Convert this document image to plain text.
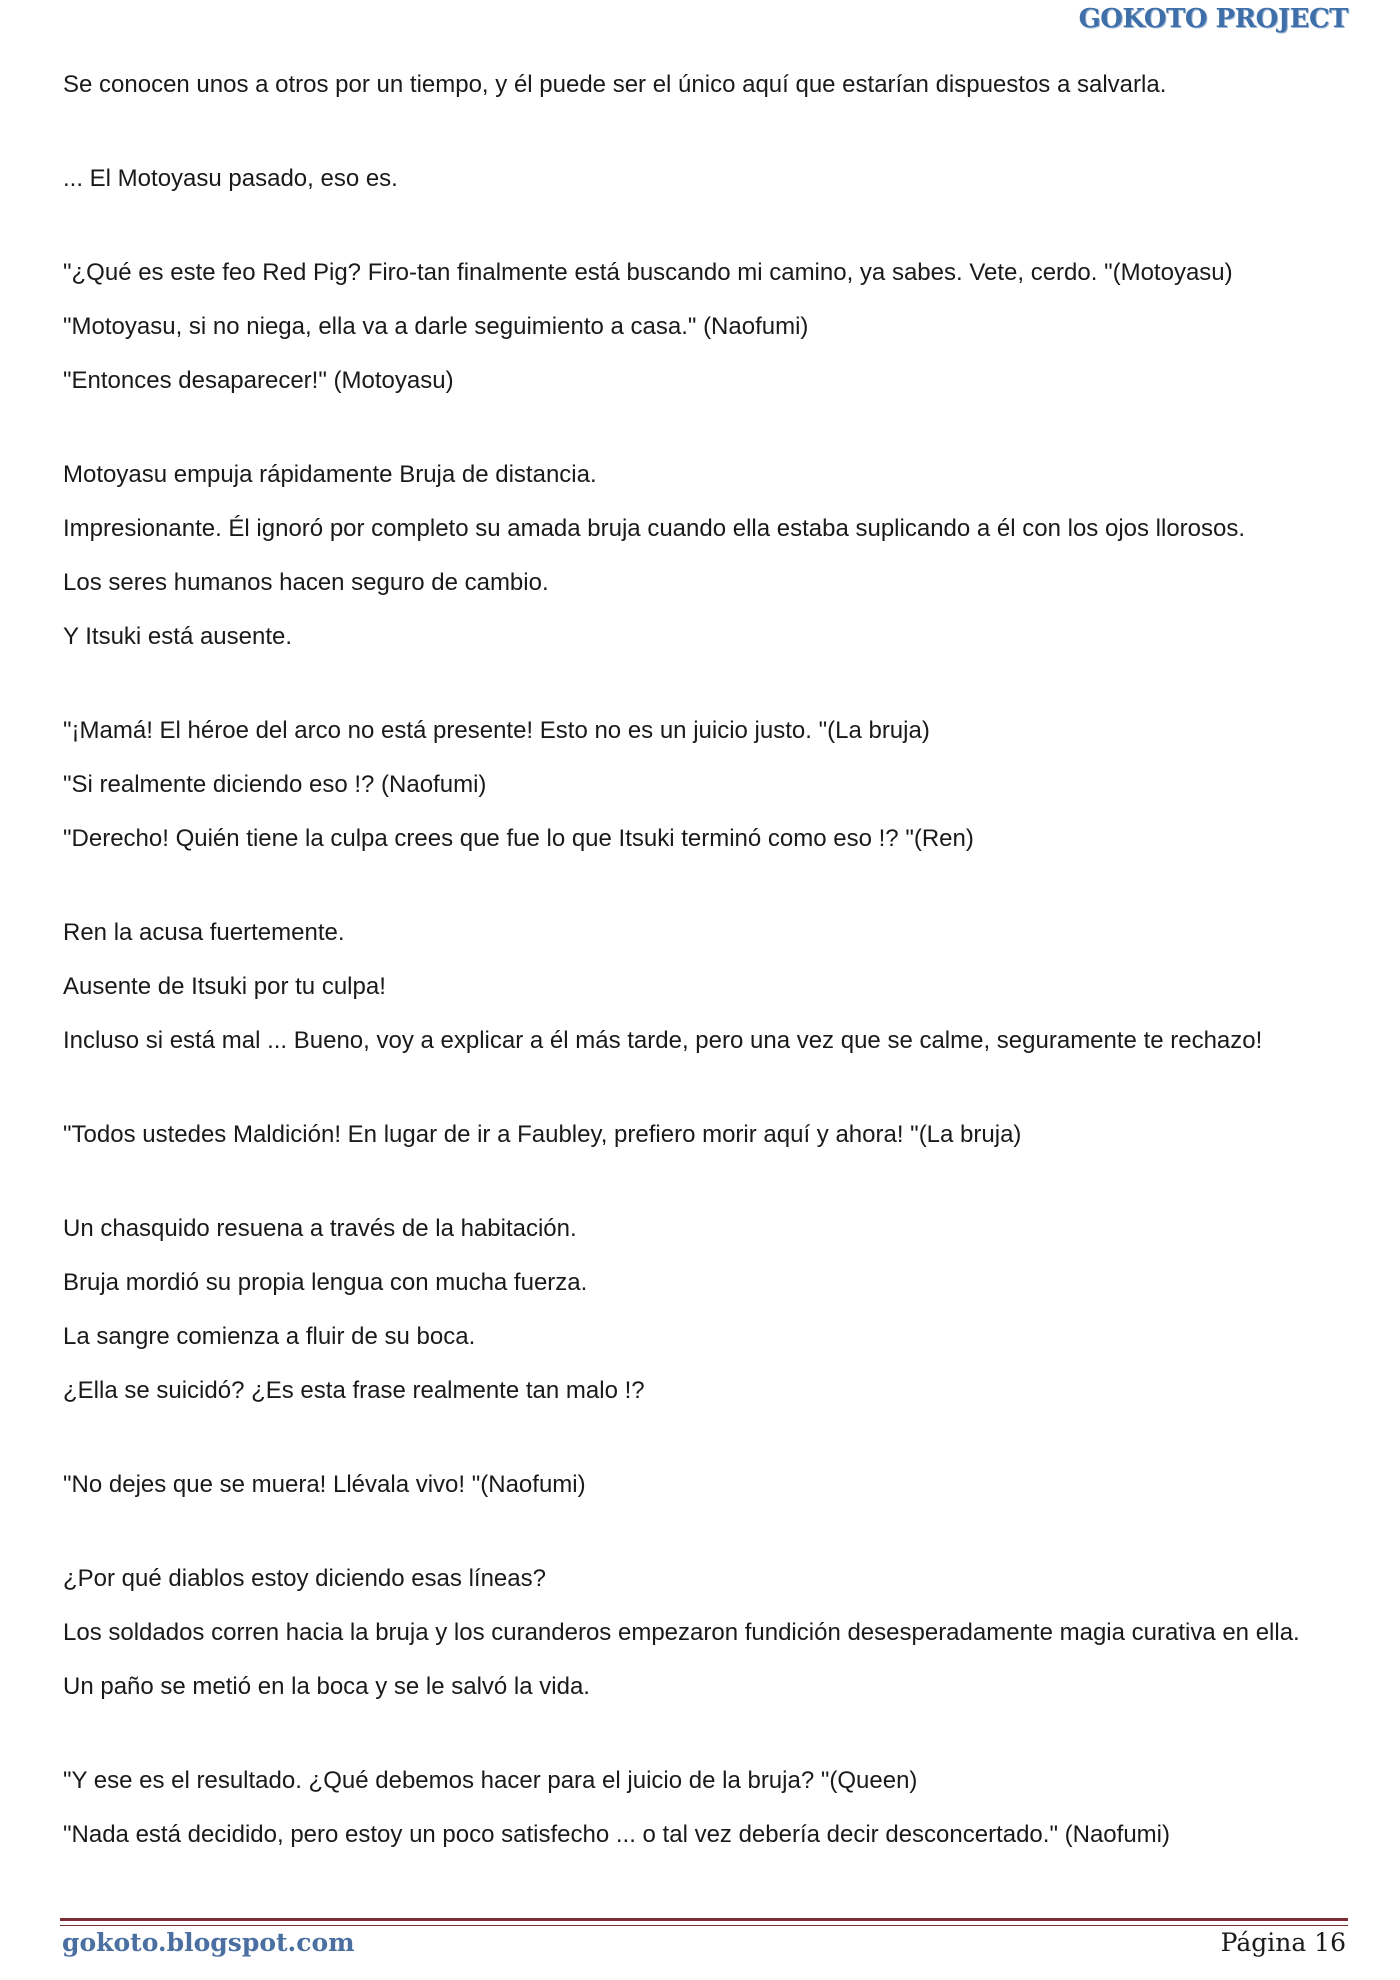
GOKOTO PROJECT
Se conocen unos a otros por un tiempo, y él puede ser el único aquí que estarían dispuestos a salvarla.
... El Motoyasu pasado, eso es.
"¿Qué es este feo Red Pig? Firo-tan finalmente está buscando mi camino, ya sabes. Vete, cerdo. "(Motoyasu)
"Motoyasu, si no niega, ella va a darle seguimiento a casa." (Naofumi)
"Entonces desaparecer!" (Motoyasu)
Motoyasu empuja rápidamente Bruja de distancia.
Impresionante. Él ignoró por completo su amada bruja cuando ella estaba suplicando a él con los ojos llorosos.
Los seres humanos hacen seguro de cambio.
Y Itsuki está ausente.
"¡Mamá! El héroe del arco no está presente! Esto no es un juicio justo. "(La bruja)
"Si realmente diciendo eso !? (Naofumi)
"Derecho! Quién tiene la culpa crees que fue lo que Itsuki terminó como eso !? "(Ren)
Ren la acusa fuertemente.
Ausente de Itsuki por tu culpa!
Incluso si está mal ... Bueno, voy a explicar a él más tarde, pero una vez que se calme, seguramente te rechazo!
"Todos ustedes Maldición! En lugar de ir a Faubley, prefiero morir aquí y ahora! "(La bruja)
Un chasquido resuena a través de la habitación.
Bruja mordió su propia lengua con mucha fuerza.
La sangre comienza a fluir de su boca.
¿Ella se suicidó? ¿Es esta frase realmente tan malo !?
"No dejes que se muera! Llévala vivo! "(Naofumi)
¿Por qué diablos estoy diciendo esas líneas?
Los soldados corren hacia la bruja y los curanderos empezaron fundición desesperadamente magia curativa en ella.
Un paño se metió en la boca y se le salvó la vida.
"Y ese es el resultado. ¿Qué debemos hacer para el juicio de la bruja? "(Queen)
"Nada está decidido, pero estoy un poco satisfecho ... o tal vez debería decir desconcertado." (Naofumi)
gokoto.blogspot.com	Página 16
